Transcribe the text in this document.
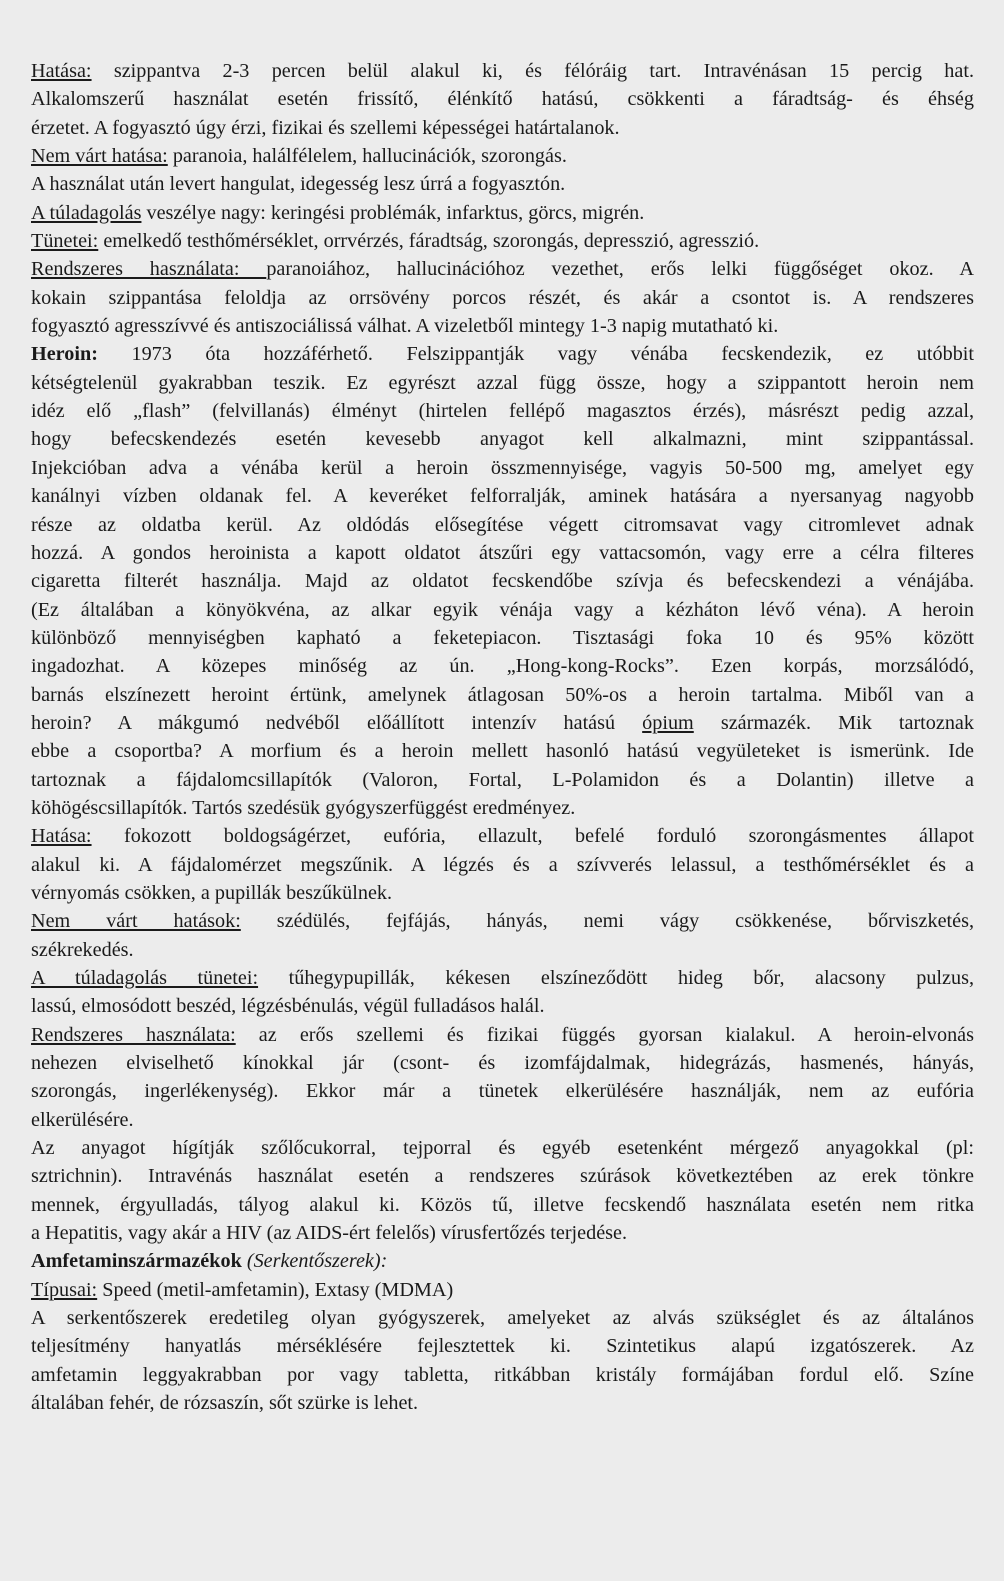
Hatása: szippantva 2-3 percen belül alakul ki, és félóráig tart. Intravénásan 15 percig hat.
Alkalomszerű használat esetén frissítő, élénkítő hatású, csökkenti a fáradtság- és éhség
érzetet. A fogyasztó úgy érzi, fizikai és szellemi képességei határtalanok.
Nem várt hatása: paranoia, halálfélelem, hallucinációk, szorongás.
A használat után levert hangulat, idegesség lesz úrrá a fogyasztón.
A túladagolás veszélye nagy: keringési problémák, infarktus, görcs, migrén.
Tünetei: emelkedő testhőmérséklet, orrvérzés, fáradtság, szorongás, depresszió, agresszió.
Rendszeres használata: paranoiához, hallucinációhoz vezethet, erős lelki függőséget okoz. A
kokain szippantása feloldja az orrsövény porcos részét, és akár a csontot is. A rendszeres
fogyasztó agresszívvé és antiszociálissá válhat. A vizeletből mintegy 1-3 napig mutatható ki.
Heroin: 1973 óta hozzáférhető. Felszippantják vagy vénába fecskendezik, ez utóbbit
kétségtelenül gyakrabban teszik. Ez egyrészt azzal függ össze, hogy a szippantott heroin nem
idéz elő „flash” (felvillanás) élményt (hirtelen fellépő magasztos érzés), másrészt pedig azzal,
hogy befecskendezés esetén kevesebb anyagot kell alkalmazni, mint szippantással.
Injekcióban adva a vénába kerül a heroin összmennyisége, vagyis 50-500 mg, amelyet egy
kanálnyi vízben oldanak fel. A keveréket felforralják, aminek hatására a nyersanyag nagyobb
része az oldatba kerül. Az oldódás elősegítése végett citromsavat vagy citromlevet adnak
hozzá. A gondos heroinista a kapott oldatot átszűri egy vattacsomón, vagy erre a célra filteres
cigaretta filterét használja. Majd az oldatot fecskendőbe szívja és befecskendezi a vénájába.
(Ez általában a könyökvéna, az alkar egyik vénája vagy a kézháton lévő véna). A heroin
különböző mennyiségben kapható a feketepiacon. Tisztasági foka 10 és 95% között
ingadozhat. A közepes minőség az ún. „Hong-kong-Rocks”. Ezen korpás, morzsálódó,
barnás elszínezett heroint értünk, amelynek átlagosan 50%-os a heroin tartalma. Miből van a
heroin? A mákgumó nedvéből előállított intenzív hatású ópium származék. Mik tartoznak
ebbe a csoportba? A morfium és a heroin mellett hasonló hatású vegyületeket is ismerünk. Ide
tartoznak a fájdalomcsillapítók (Valoron, Fortal, L-Polamidon és a Dolantin) illetve a
köhögéscsillapítók. Tartós szedésük gyógyszerfüggést eredményez.
Hatása: fokozott boldogságérzet, eufória, ellazult, befelé forduló szorongásmentes állapot
alakul ki. A fájdalomérzet megszűnik. A légzés és a szívverés lelassul, a testhőmérséklet és a
vérnyomás csökken, a pupillák beszűkülnek.
Nem várt hatások: szédülés, fejfájás, hányás, nemi vágy csökkenése, bőrviszketés,
székrekedés.
A túladagolás tünetei: tűhegypupillák, kékesen elszíneződött hideg bőr, alacsony pulzus,
lassú, elmosódott beszéd, légzésbénulás, végül fulladásos halál.
Rendszeres használata: az erős szellemi és fizikai függés gyorsan kialakul. A heroin-elvonás
nehezen elviselhető kínokkal jár (csont- és izomfájdalmak, hidegrázás, hasmenés, hányás,
szorongás, ingerlékenység). Ekkor már a tünetek elkerülésére használják, nem az eufória
elkerülésére.
Az anyagot hígítják szőlőcukorral, tejporral és egyéb esetenként mérgező anyagokkal (pl:
sztrichnin). Intravénás használat esetén a rendszeres szúrások következtében az erek tönkre
mennek, érgyulladás, tályog alakul ki. Közös tű, illetve fecskendő használata esetén nem ritka
a Hepatitis, vagy akár a HIV (az AIDS-ért felelős) vírusfertőzés terjedése.
Amfetaminszármazékok (Serkentőszerek):
Típusai: Speed (metil-amfetamin), Extasy (MDMA)
A serkentőszerek eredetileg olyan gyógyszerek, amelyeket az alvás szükséglet és az általános
teljesítmény hanyatlás mérséklésére fejlesztettek ki. Szintetikus alapú izgatószerek. Az
amfetamin leggyakrabban por vagy tabletta, ritkábban kristály formájában fordul elő. Színe
általában fehér, de rózsaszín, sőt szürke is lehet.
